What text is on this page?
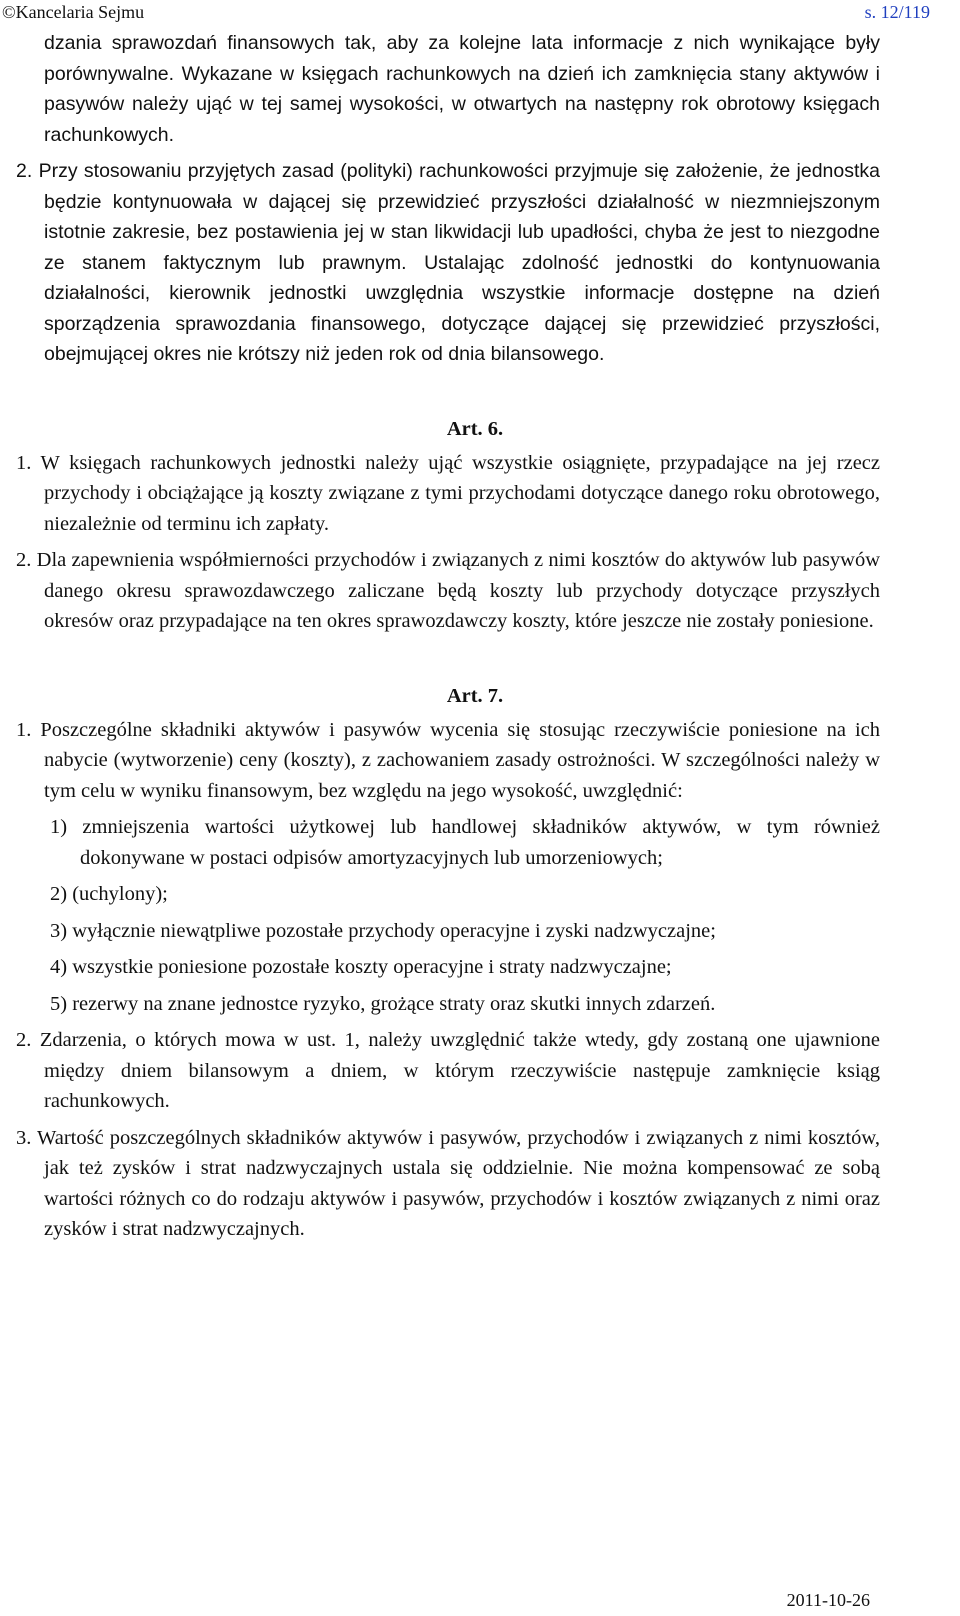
©Kancelaria Sejmu	s. 12/119

dzania sprawozdań finansowych tak, aby za kolejne lata informacje z nich wynikające były porównywalne. Wykazane w księgach rachunkowych na dzień ich zamknięcia stany aktywów i pasywów należy ująć w tej samej wysokości, w otwartych na następny rok obrotowy księgach rachunkowych.

2. Przy stosowaniu przyjętych zasad (polityki) rachunkowości przyjmuje się założenie, że jednostka będzie kontynuowała w dającej się przewidzieć przyszłości działalność w niezmniejszonym istotnie zakresie, bez postawienia jej w stan likwidacji lub upadłości, chyba że jest to niezgodne ze stanem faktycznym lub prawnym. Ustalając zdolność jednostki do kontynuowania działalności, kierownik jednostki uwzględnia wszystkie informacje dostępne na dzień sporządzenia sprawozdania finansowego, dotyczące dającej się przewidzieć przyszłości, obejmującej okres nie krótszy niż jeden rok od dnia bilansowego.

Art. 6.

1. W księgach rachunkowych jednostki należy ująć wszystkie osiągnięte, przypadające na jej rzecz przychody i obciążające ją koszty związane z tymi przychodami dotyczące danego roku obrotowego, niezależnie od terminu ich zapłaty.

2. Dla zapewnienia współmierności przychodów i związanych z nimi kosztów do aktywów lub pasywów danego okresu sprawozdawczego zaliczane będą koszty lub przychody dotyczące przyszłych okresów oraz przypadające na ten okres sprawozdawczy koszty, które jeszcze nie zostały poniesione.

Art. 7.

1. Poszczególne składniki aktywów i pasywów wycenia się stosując rzeczywiście poniesione na ich nabycie (wytworzenie) ceny (koszty), z zachowaniem zasady ostrożności. W szczególności należy w tym celu w wyniku finansowym, bez względu na jego wysokość, uwzględnić:

1) zmniejszenia wartości użytkowej lub handlowej składników aktywów, w tym również dokonywane w postaci odpisów amortyzacyjnych lub umorzeniowych;

2) (uchylony);

3) wyłącznie niewątpliwe pozostałe przychody operacyjne i zyski nadzwyczajne;

4) wszystkie poniesione pozostałe koszty operacyjne i straty nadzwyczajne;

5) rezerwy na znane jednostce ryzyko, grożące straty oraz skutki innych zdarzeń.

2. Zdarzenia, o których mowa w ust. 1, należy uwzględnić także wtedy, gdy zostaną one ujawnione między dniem bilansowym a dniem, w którym rzeczywiście następuje zamknięcie ksiąg rachunkowych.

3. Wartość poszczególnych składników aktywów i pasywów, przychodów i związanych z nimi kosztów, jak też zysków i strat nadzwyczajnych ustala się oddzielnie. Nie można kompensować ze sobą wartości różnych co do rodzaju aktywów i pasywów, przychodów i kosztów związanych z nimi oraz zysków i strat nadzwyczajnych.

2011-10-26
